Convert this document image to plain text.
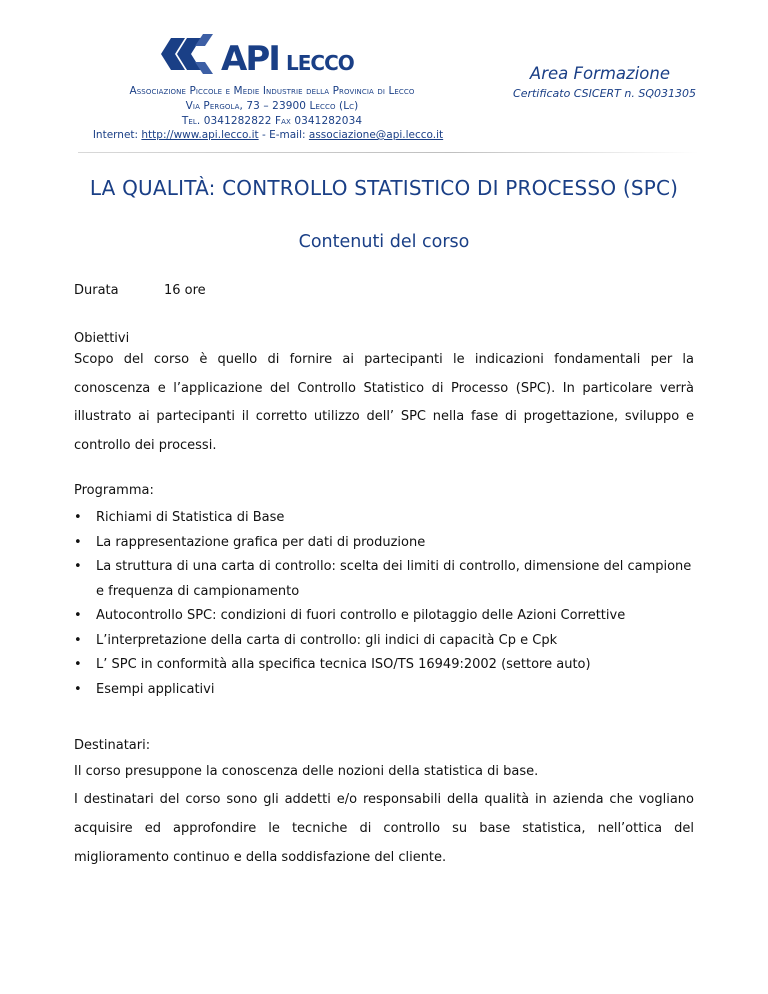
API LECCO
Associazione Piccole e Medie Industrie della Provincia di Lecco
Via Pergola, 73 – 23900 Lecco (Lc)
Tel. 0341282822 Fax 0341282034
Internet: http://www.api.lecco.it - E-mail: associazione@api.lecco.it
Area Formazione
Certificato CSICERT n. SQ031305
LA QUALITÀ: CONTROLLO STATISTICO DI PROCESSO (SPC)
Contenuti del corso
Durata	16 ore
Obiettivi
Scopo del corso è quello di fornire ai partecipanti le indicazioni fondamentali per la conoscenza e l’applicazione del Controllo Statistico di Processo (SPC). In particolare verrà illustrato ai partecipanti il corretto utilizzo dell’ SPC nella fase di progettazione, sviluppo e controllo dei processi.
Programma:
• Richiami di Statistica di Base
• La rappresentazione grafica per dati di produzione
• La struttura di una carta di controllo: scelta dei limiti di controllo, dimensione del campione e frequenza di campionamento
• Autocontrollo SPC: condizioni di fuori controllo e pilotaggio delle Azioni Correttive
• L’interpretazione della carta di controllo: gli indici di capacità Cp e Cpk
• L’ SPC in conformità alla specifica tecnica ISO/TS 16949:2002 (settore auto)
• Esempi applicativi
Destinatari:
Il corso presuppone la conoscenza delle nozioni della statistica di base.
I destinatari del corso sono gli addetti e/o responsabili della qualità in azienda che vogliano acquisire ed approfondire le tecniche di controllo su base statistica, nell’ottica del miglioramento continuo e della soddisfazione del cliente.
